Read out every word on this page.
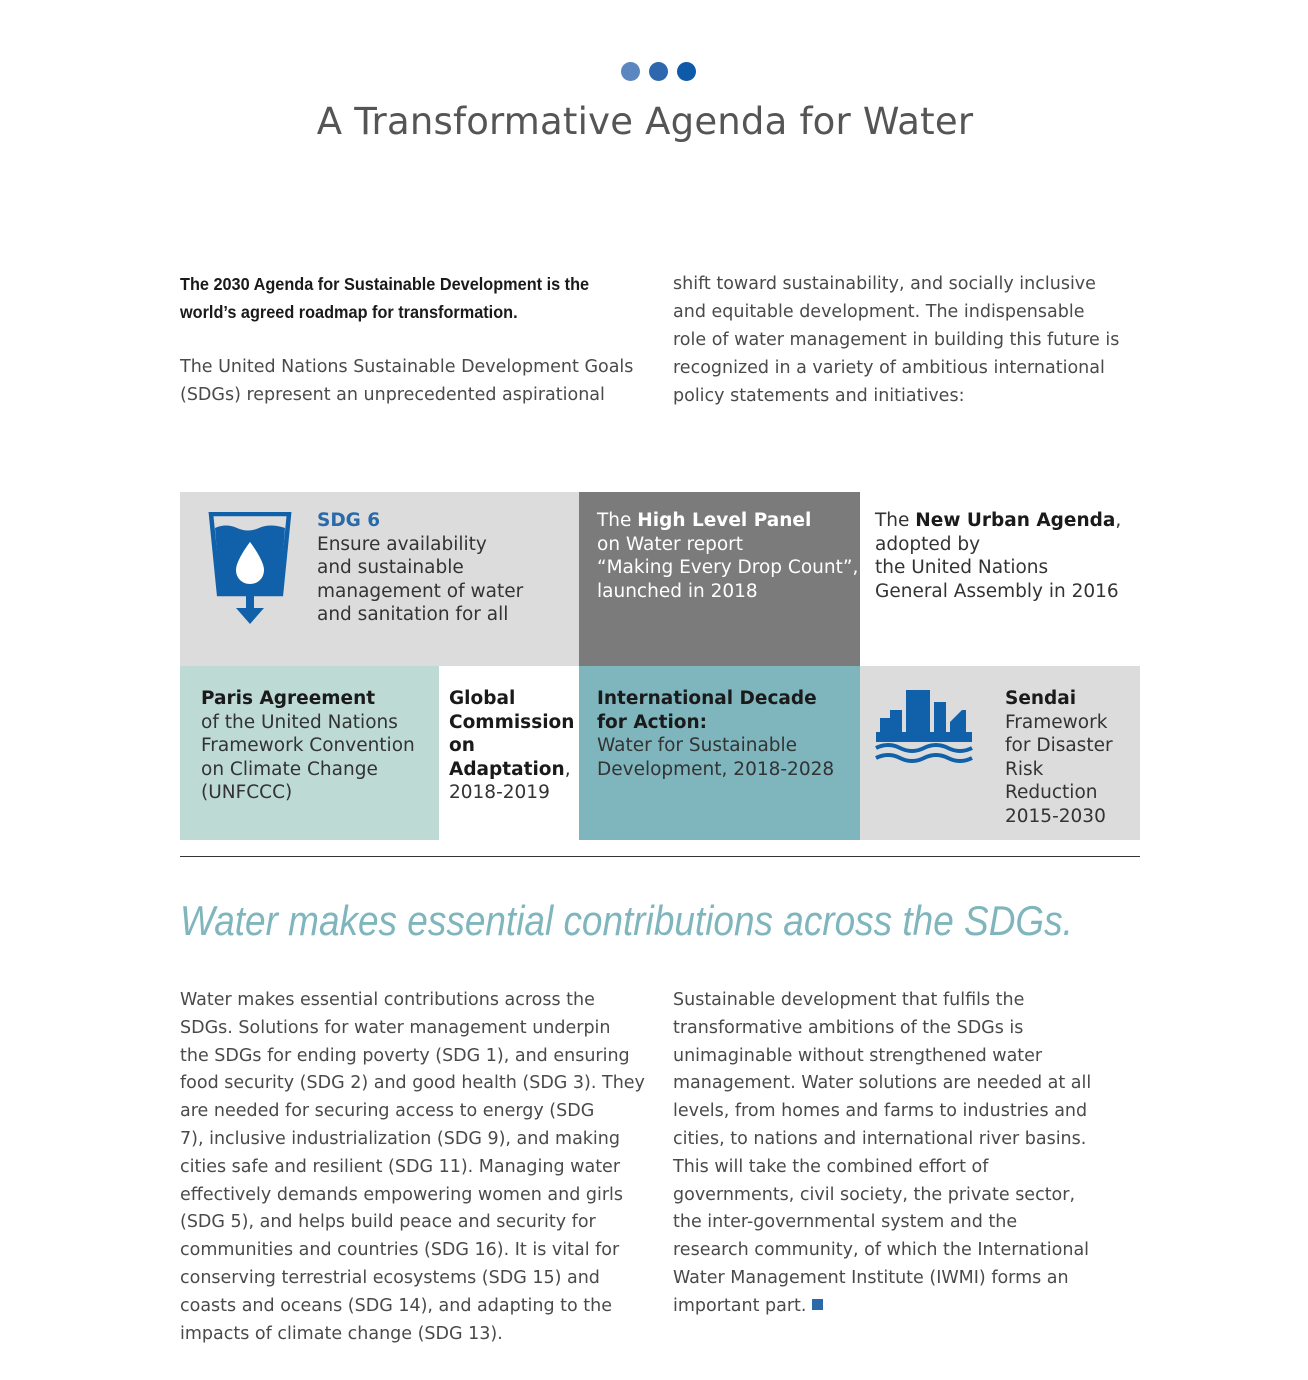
A Transformative Agenda for Water

The 2030 Agenda for Sustainable Development is the
world’s agreed roadmap for transformation.

The United Nations Sustainable Development Goals
(SDGs) represent an unprecedented aspirational

shift toward sustainability, and socially inclusive
and equitable development. The indispensable
role of water management in building this future is
recognized in a variety of ambitious international
policy statements and initiatives:

SDG 6
Ensure availability
and sustainable
management of water
and sanitation for all
The High Level Panel
on Water report
“Making Every Drop Count”,
launched in 2018
The New Urban Agenda,
adopted by
the United Nations
General Assembly in 2016
Paris Agreement
of the United Nations
Framework Convention
on Climate Change
(UNFCCC)
Global
Commission
on
Adaptation,
2018-2019
International Decade
for Action:
Water for Sustainable
Development, 2018-2028
Sendai
Framework
for Disaster
Risk
Reduction
2015-2030
Water makes essential contributions across the SDGs.

Water makes essential contributions across the
SDGs. Solutions for water management underpin
the SDGs for ending poverty (SDG 1), and ensuring
food security (SDG 2) and good health (SDG 3). They
are needed for securing access to energy (SDG
7), inclusive industrialization (SDG 9), and making
cities safe and resilient (SDG 11). Managing water
effectively demands empowering women and girls
(SDG 5), and helps build peace and security for
communities and countries (SDG 16). It is vital for
conserving terrestrial ecosystems (SDG 15) and
coasts and oceans (SDG 14), and adapting to the
impacts of climate change (SDG 13).

Sustainable development that fulfils the
transformative ambitions of the SDGs is
unimaginable without strengthened water
management. Water solutions are needed at all
levels, from homes and farms to industries and
cities, to nations and international river basins.
This will take the combined effort of
governments, civil society, the private sector,
the inter-governmental system and the
research community, of which the International
Water Management Institute (IWMI) forms an
important part.
